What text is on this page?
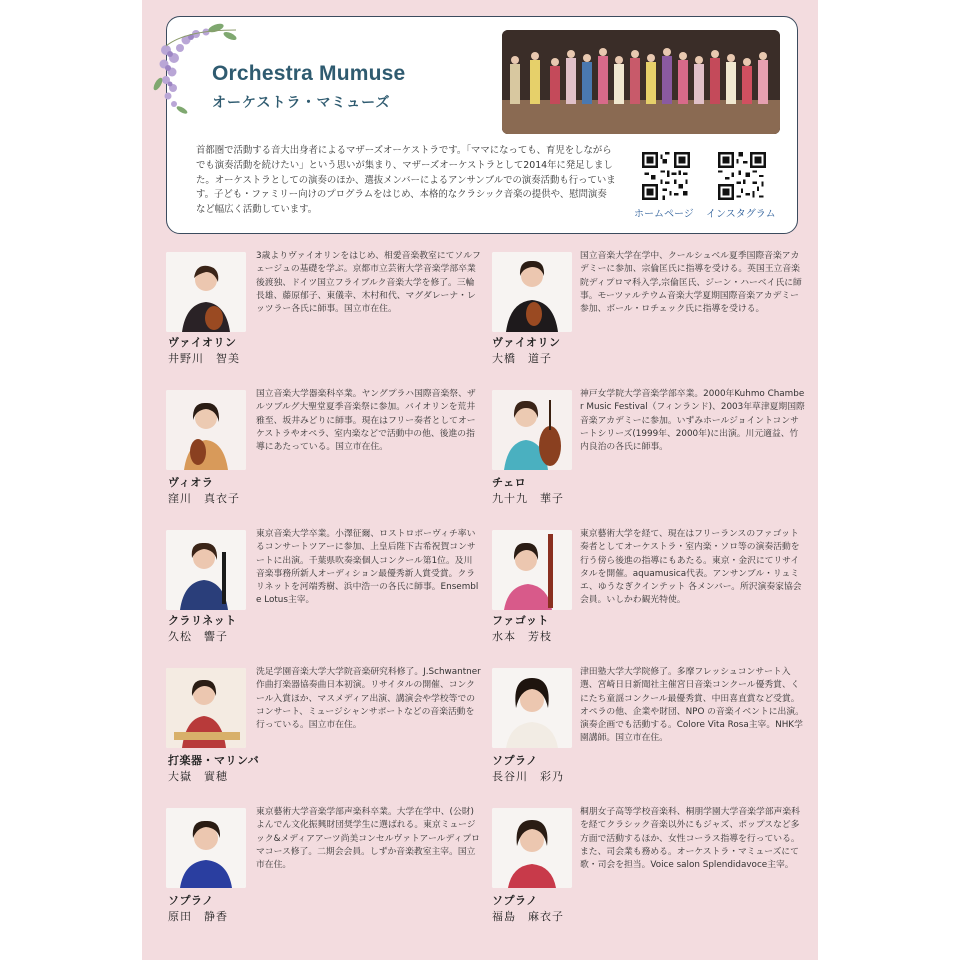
Orchestra Mumuse
オーケストラ・マミューズ
首都圏で活動する音大出身者によるマザーズオーケストラです。「ママになっても、育児をしながらでも演奏活動を続けたい」という思いが集まり、マザーズオーケストラとして2014年に発足しました。オーケストラとしての演奏のほか、選抜メンバーによるアンサンブルでの演奏活動も行っています。子ども・ファミリー向けのプログラムをはじめ、本格的なクラシック音楽の提供や、慰問演奏など幅広く活動しています。	ホームページ インスタグラム
ヴァイオリン
井野川　智美
3歳よりヴァイオリンをはじめ、相愛音楽教室にてソルフェージュの基礎を学ぶ。京都市立芸術大学音楽学部卒業後渡独、ドイツ国立フライブルク音楽大学を修了。三輪長雄、藤原郁子、東儀幸、木村和代、マグダレーナ・レッツラー各氏に師事。国立市在住。
ヴィオラ
窪川　真衣子
国立音楽大学器楽科卒業。ヤングプラハ国際音楽祭、ザルツブルグ大聖堂夏季音楽祭に参加。バイオリンを荒井雅至、坂井みどりに師事。現在はフリー奏者としてオーケストラやオペラ、室内楽などで活動中の他、後進の指導にあたっている。国立市在住。
クラリネット
久松　響子
東京音楽大学卒業。小澤征爾、ロストロポーヴィチ率いるコンサートツアーに参加、上皇后陛下古希祝賀コンサートに出演。千葉県吹奏楽個人コンクール第1位。及川音楽事務所新人オーディション最優秀新人賞受賞。クラリネットを河端秀樹、浜中浩一の各氏に師事。Ensemble Lotus主宰。
打楽器・マリンバ
大嶽　實穂
洗足学園音楽大学大学院音楽研究科修了。J.Schwantner作曲打楽器協奏曲日本初演。リサイタルの開催、コンクール入賞ほか、マスメディア出演、講演会や学校等でのコンサート、ミュージシャンサポートなどの音楽活動を行っている。国立市在住。
ソプラノ
原田　静香
東京藝術大学音楽学部声楽科卒業。大学在学中、(公財)よんでん文化振興財団奨学生に選ばれる。東京ミュージック&メディアアーツ尚美コンセルヴァトアールディプロマコース修了。二期会会員。しずか音楽教室主宰。国立市在住。
ヴァイオリン
大橋　道子
国立音楽大学在学中、クールシュベル夏季国際音楽アカデミーに参加、宗倫匡氏に指導を受ける。英国王立音楽院ディプロマ科入学,宗倫匡氏、ジーン・ハーベイ氏に師事。モーツァルテウム音楽大学夏期国際音楽アカデミー参加、ボール・ロチェック氏に指導を受ける。
チェロ
九十九　華子
神戸女学院大学音楽学部卒業。2000年Kuhmo Chamber Music Festival（フィンランド)、2003年草津夏期国際音楽アカデミーに参加。いずみホールジョイントコンサートシリーズ(1999年、2000年)に出演。川元適益、竹内良治の各氏に師事。
ファゴット
水本　芳枝
東京藝術大学を経て、現在はフリーランスのファゴット奏者としてオーケストラ・室内楽・ソロ等の演奏活動を行う傍ら後進の指導にもあたる。東京・金沢にてリサイタルを開催。aquamusica代表。アンサンブル・リュミエ、ゆうなぎクインテット 各メンバー。所沢演奏家協会会員。いしかわ観光特使。
ソプラノ
長谷川　彩乃
津田塾大学大学院修了。多摩フレッシュコンサート入選、宮崎日日新聞社主催宮日音楽コンクール優秀賞、くにたち童謡コンクール最優秀賞、中田喜直賞など受賞。オペラの他、企業や財団、NPO の音楽イベントに出演。演奏企画でも活動する。Colore Vita Rosa主宰。NHK学園講師。国立市在住。
ソプラノ
福島　麻衣子
桐朋女子高等学校音楽科、桐朋学園大学音楽学部声楽科を経てクラシック音楽以外にもジャズ、ポップスなど多方面で活動するほか、女性コーラス指導を行っている。また、司会業も務める。オーケストラ・マミューズにて歌・司会を担当。Voice salon Splendidavoce主宰。
